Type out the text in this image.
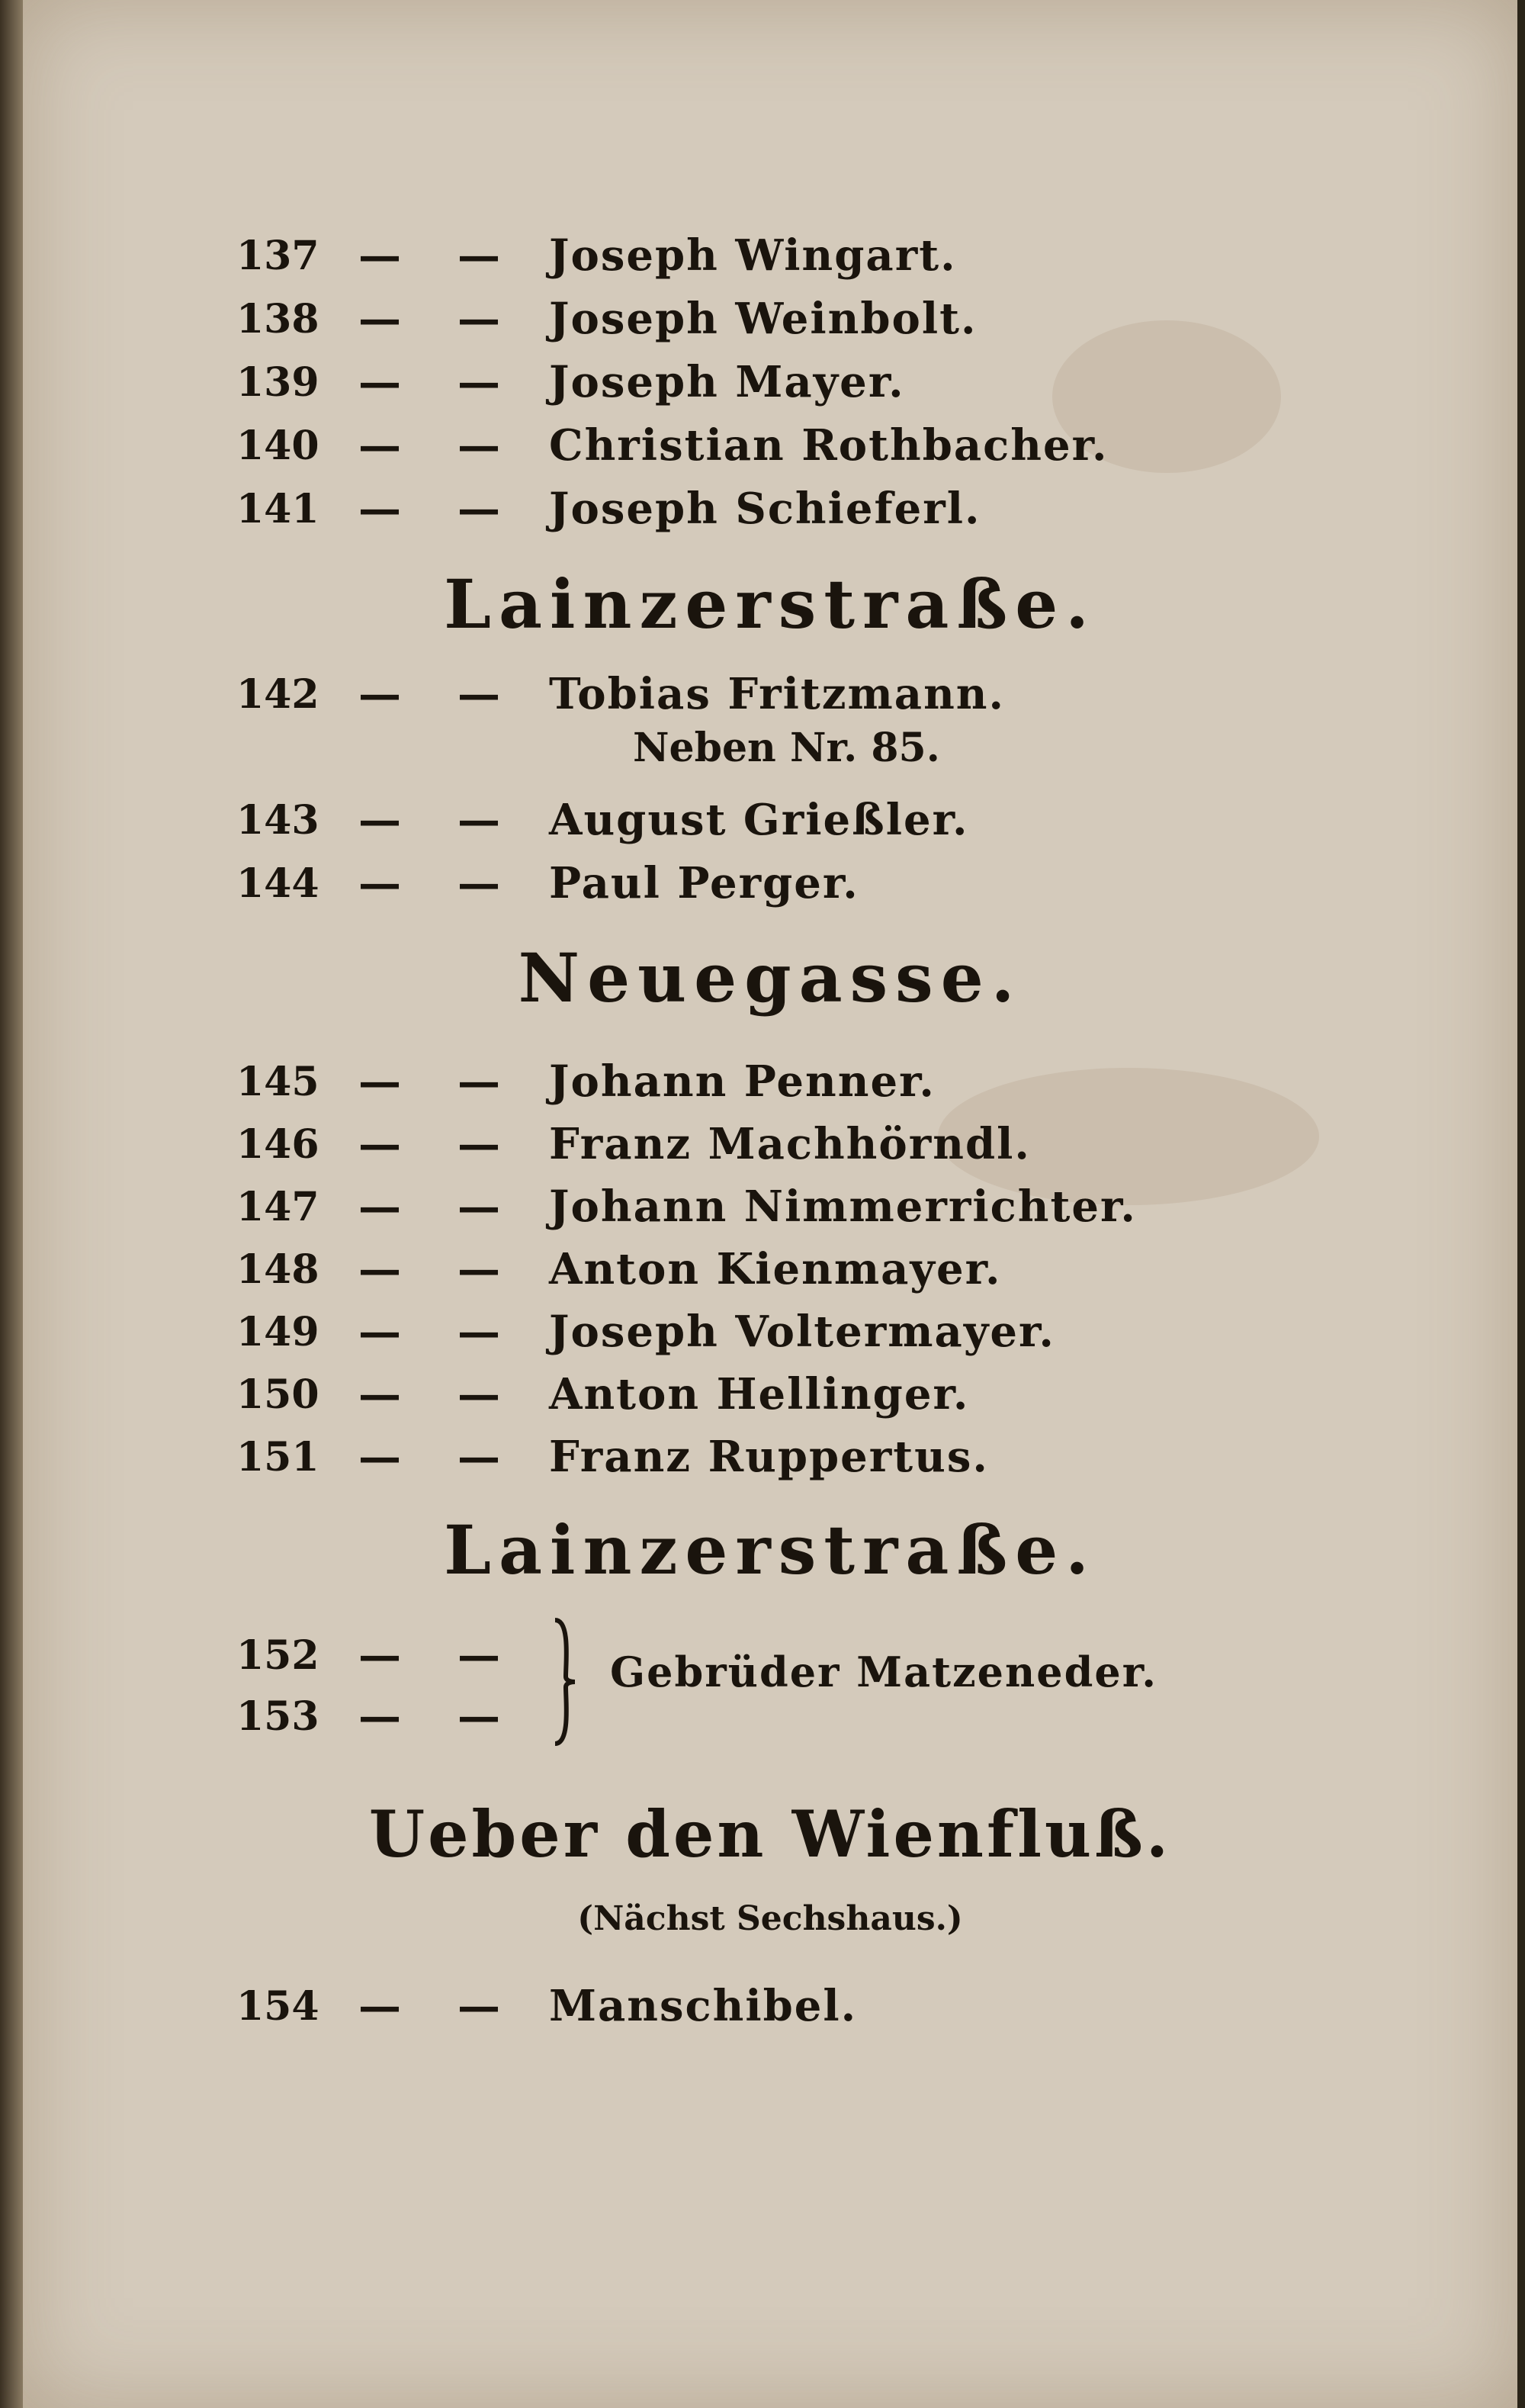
137 — — Joseph Wingart.
138 — — Joseph Weinbolt.
139 — — Joseph Mayer.
140 — — Christian Rothbacher.
141 — — Joseph Schieferl.
Lainzerstraße.
142 — — Tobias Fritzmann.
Neben Nr. 85.
143 — — August Grießler.
144 — — Paul Perger.
Neuegasse.
145 — — Johann Penner.
146 — — Franz Machhörndl.
147 — — Johann Nimmerrichter.
148 — — Anton Kienmayer.
149 — — Joseph Voltermayer.
150 — — Anton Hellinger.
151 — — Franz Ruppertus.
Lainzerstraße.
152 — —
153 — —
Gebrüder Matzeneder.
Ueber den Wienfluß.
(Nächst Sechshaus.)
154 — — Manschibel.
